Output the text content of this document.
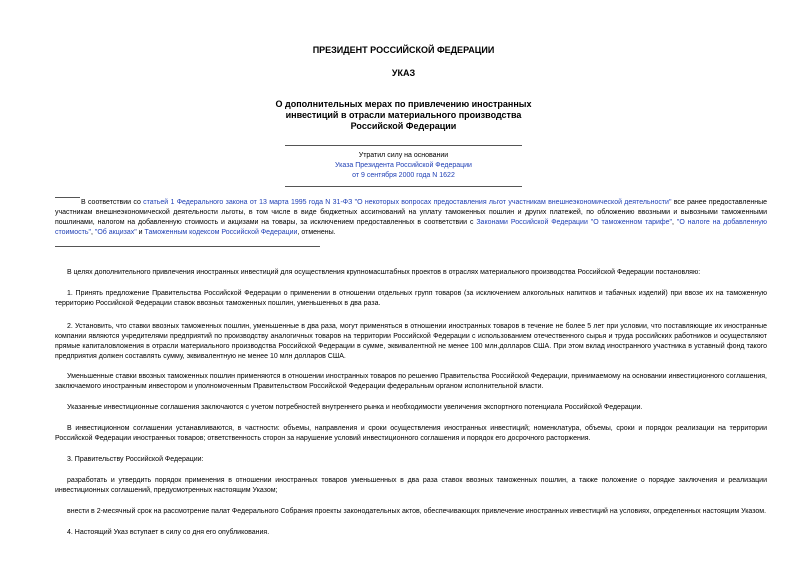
ПРЕЗИДЕНТ РОССИЙСКОЙ ФЕДЕРАЦИИ
УКАЗ
О дополнительных мерах по привлечению иностранных
инвестиций в отрасли материального производства
Российской Федерации
Утратил силу на основании
Указа Президента Российской Федерации
от 9 сентября 2000 года N 1622

В соответствии со статьей 1 Федерального закона от 13 марта 1995 года N 31-ФЗ "О некоторых вопросах предоставления льгот участникам внешнеэкономической деятельности" все ранее предоставленные участникам внешнеэкономической деятельности льготы, в том числе в виде бюджетных ассигнований на уплату таможенных пошлин и других платежей, по обложению ввозными и вывозными таможенными пошлинами, налогом на добавленную стоимость и акцизами на товары, за исключением предоставленных в соответствии с Законами Российской Федерации "О таможенном тарифе", "О налоге на добавленную стоимость", "Об акцизах" и Таможенным кодексом Российской Федерации, отменены.

В целях дополнительного привлечения иностранных инвестиций для осуществления крупномасштабных проектов в отраслях материального производства Российской Федерации постановляю:

1. Принять предложение Правительства Российской Федерации о применении в отношении отдельных групп товаров (за исключением алкогольных напитков и табачных изделий) при ввозе их на таможенную территорию Российской Федерации ставок ввозных таможенных пошлин, уменьшенных в два раза.

2. Установить, что ставки ввозных таможенных пошлин, уменьшенные в два раза, могут применяться в отношении иностранных товаров в течение не более 5 лет при условии, что поставляющие их иностранные компании являются учредителями предприятий по производству аналогичных товаров на территории Российской Федерации с использованием отечественного сырья и труда российских работников и осуществляют прямые капиталовложения в отрасли материального производства Российской Федерации в сумме, эквивалентной не менее 100 млн.долларов США. При этом вклад иностранного участника в уставный фонд такого предприятия должен составлять сумму, эквивалентную не менее 10 млн долларов США.

Уменьшенные ставки ввозных таможенных пошлин применяются в отношении иностранных товаров по решению Правительства Российской Федерации, принимаемому на основании инвестиционного соглашения, заключаемого иностранным инвестором и уполномоченным Правительством Российской Федерации федеральным органом исполнительной власти.

Указанные инвестиционные соглашения заключаются с учетом потребностей внутреннего рынка и необходимости увеличения экспортного потенциала Российской Федерации.

В инвестиционном соглашении устанавливаются, в частности: объемы, направления и сроки осуществления иностранных инвестиций; номенклатура, объемы, сроки и порядок реализации на территории Российской Федерации иностранных товаров; ответственность сторон за нарушение условий инвестиционного соглашения и порядок его досрочного расторжения.

3. Правительству Российской Федерации:

разработать и утвердить порядок применения в отношении иностранных товаров уменьшенных в два раза ставок ввозных таможенных пошлин, а также положение о порядке заключения и реализации инвестиционных соглашений, предусмотренных настоящим Указом;

внести в 2-месячный срок на рассмотрение палат Федерального Собрания проекты законодательных актов, обеспечивающих привлечение иностранных инвестиций на условиях, определенных настоящим Указом.

4. Настоящий Указ вступает в силу со дня его опубликования.
